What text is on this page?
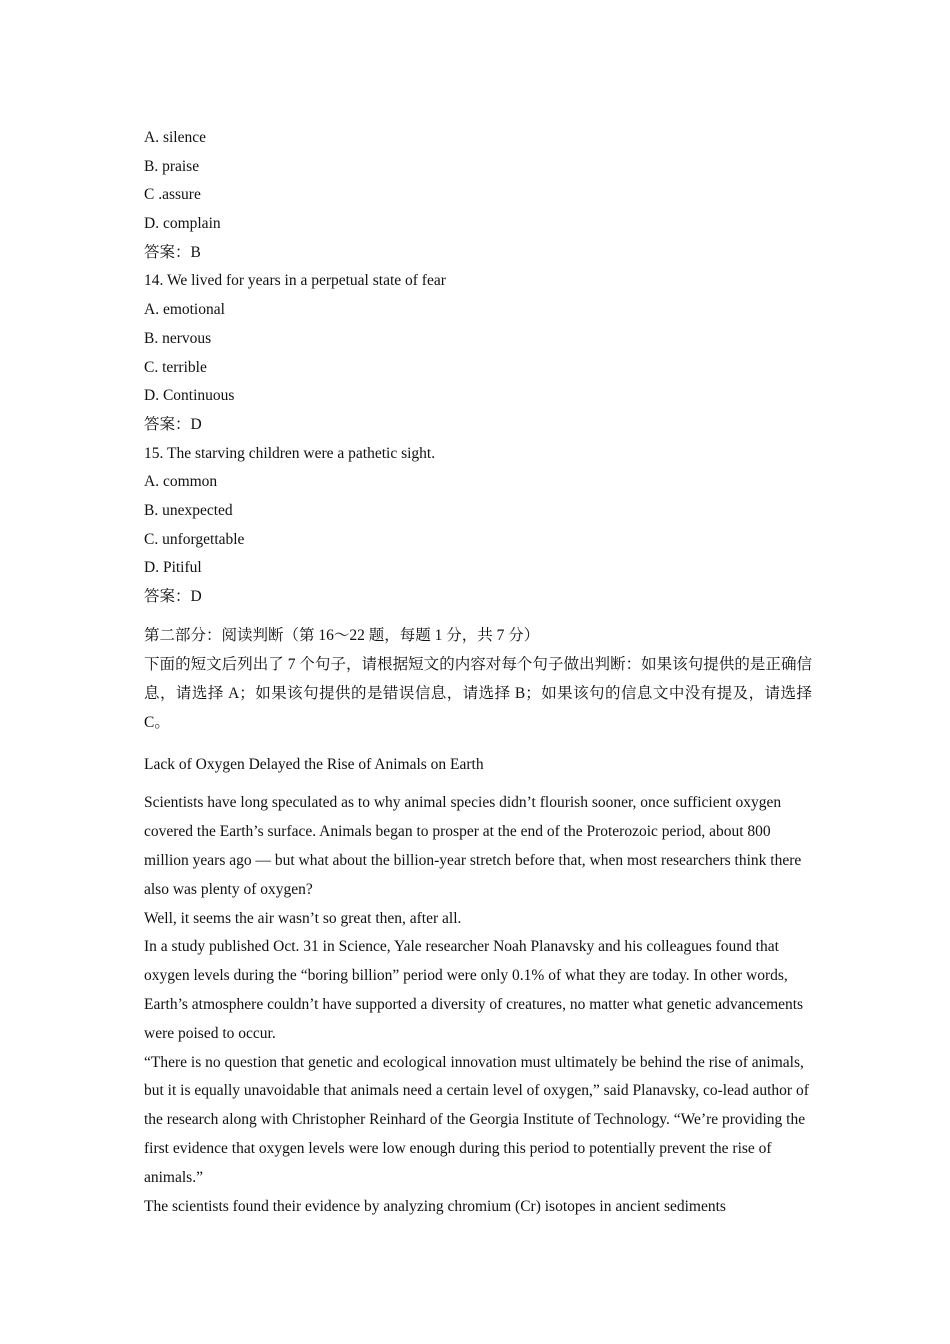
A. silence
B. praise
C .assure
D. complain
答案：B
14. We lived for years in a perpetual state of fear
A. emotional
B. nervous
C. terrible
D. Continuous
答案：D
15. The starving children were a pathetic sight.
A. common
B. unexpected
C. unforgettable
D. Pitiful
答案：D
第二部分：阅读判断（第 16～22 题，每题 1 分，共 7 分）
下面的短文后列出了 7 个句子，请根据短文的内容对每个句子做出判断：如果该句提供的是正确信息，请选择 A；如果该句提供的是错误信息，请选择 B；如果该句的信息文中没有提及，请选择 C。
Lack of Oxygen Delayed the Rise of Animals on Earth
Scientists have long speculated as to why animal species didn’t flourish sooner, once sufficient oxygen covered the Earth’s surface. Animals began to prosper at the end of the Proterozoic period, about 800 million years ago — but what about the billion-year stretch before that, when most researchers think there also was plenty of oxygen?
Well, it seems the air wasn’t so great then, after all.
In a study published Oct. 31 in Science, Yale researcher Noah Planavsky and his colleagues found that oxygen levels during the “boring billion” period were only 0.1% of what they are today. In other words, Earth’s atmosphere couldn’t have supported a diversity of creatures, no matter what genetic advancements were poised to occur.
“There is no question that genetic and ecological innovation must ultimately be behind the rise of animals, but it is equally unavoidable that animals need a certain level of oxygen,” said Planavsky, co-lead author of the research along with Christopher Reinhard of the Georgia Institute of Technology. “We’re providing the first evidence that oxygen levels were low enough during this period to potentially prevent the rise of animals.”
The scientists found their evidence by analyzing chromium (Cr) isotopes in ancient sediments
